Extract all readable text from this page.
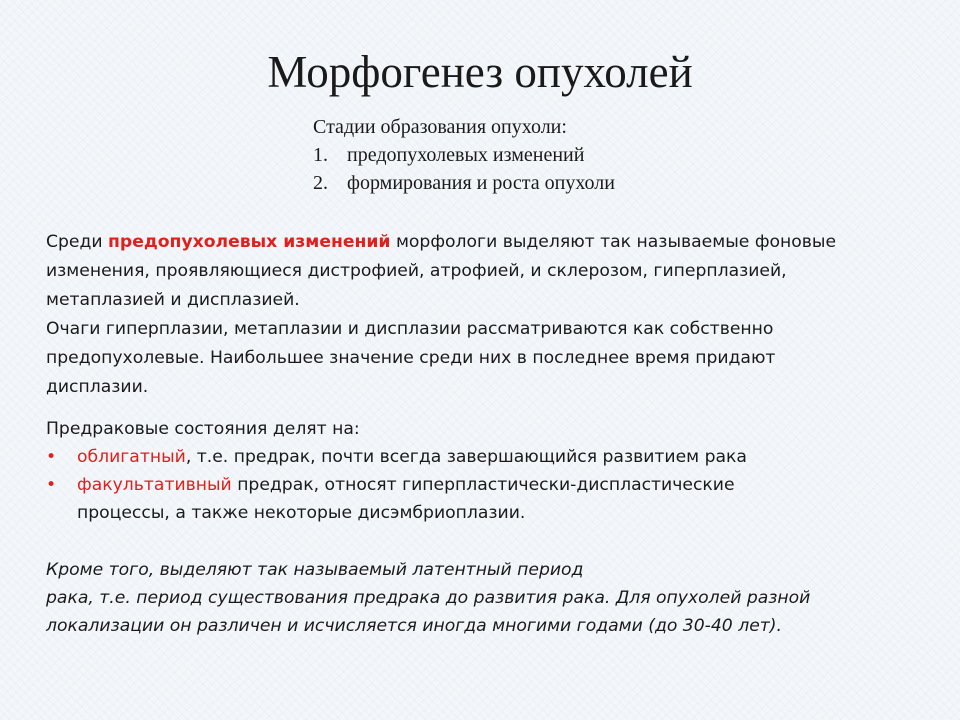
Морфогенез опухолей
Стадии образования опухоли:
1. предопухолевых изменений
2. формирования и роста опухоли
Среди предопухолевых изменений морфологи выделяют так называемые фоновые
изменения, проявляющиеся дистрофией, атрофией, и склерозом, гиперплазией,
метаплазией и дисплазией.
Очаги гиперплазии, метаплазии и дисплазии рассматриваются как собственно
предопухолевые. Наибольшее значение среди них в последнее время придают
дисплазии.
Предраковые состояния делят на:
•	облигатный, т.е. предрак, почти всегда завершающийся развитием рака
•	факультативный предрак, относят гиперпластически-диспластические
процессы, а также некоторые дисэмбриоплазии.
Кроме того, выделяют так называемый латентный период
рака, т.е. период существования предрака до развития рака. Для опухолей разной
локализации он различен и исчисляется иногда многими годами (до 30-40 лет).
